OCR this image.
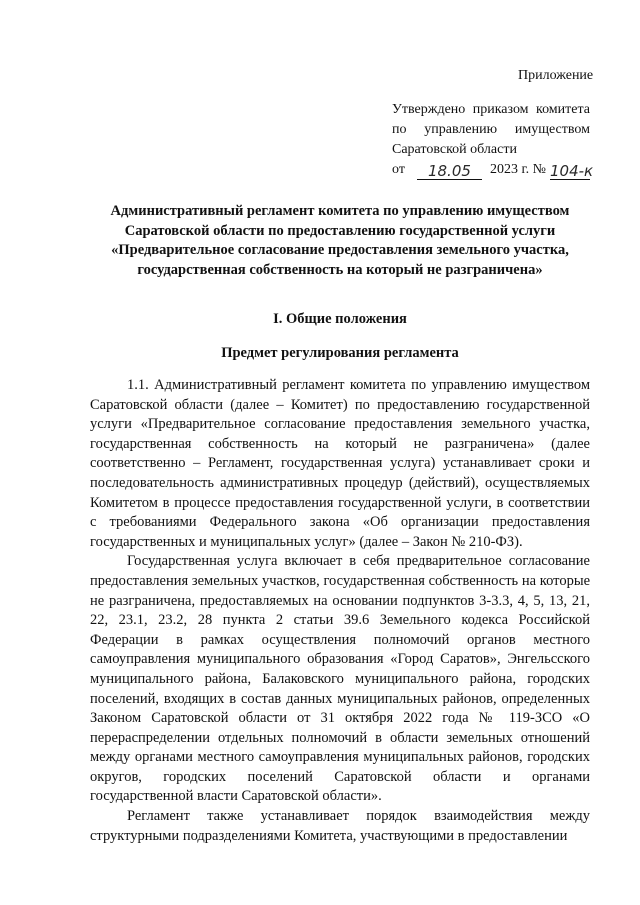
Приложение
Утверждено приказом комитета
по управлению имуществом
Саратовской области
от	18.05	2023 г. № 104-к
Административный регламент комитета по управлению имуществом Саратовской области по предоставлению государственной услуги «Предварительное согласование предоставления земельного участка, государственная собственность на который не разграничена»
I. Общие положения
Предмет регулирования регламента

1.1. Административный регламент комитета по управлению имуществом Саратовской области (далее – Комитет) по предоставлению государственной услуги «Предварительное согласование предоставления земельного участка, государственная собственность на который не разграничена» (далее соответственно – Регламент, государственная услуга) устанавливает сроки и последовательность административных процедур (действий), осуществляемых Комитетом в процессе предоставления государственной услуги, в соответствии с требованиями Федерального закона «Об организации предоставления государственных и муниципальных услуг» (далее – Закон № 210-ФЗ).

Государственная услуга включает в себя предварительное согласование предоставления земельных участков, государственная собственность на которые не разграничена, предоставляемых на основании подпунктов 3-3.3, 4, 5, 13, 21, 22, 23.1, 23.2, 28 пункта 2 статьи 39.6 Земельного кодекса Российской Федерации в рамках осуществления полномочий органов местного самоуправления муниципального образования «Город Саратов», Энгельсского муниципального района, Балаковского муниципального района, городских поселений, входящих в состав данных муниципальных районов, определенных Законом Саратовской области от 31 октября 2022 года № 119-ЗСО «О перераспределении отдельных полномочий в области земельных отношений между органами местного самоуправления муниципальных районов, городских округов, городских поселений Саратовской области и органами государственной власти Саратовской области».

Регламент также устанавливает порядок взаимодействия между структурными подразделениями Комитета, участвующими в предоставлении
